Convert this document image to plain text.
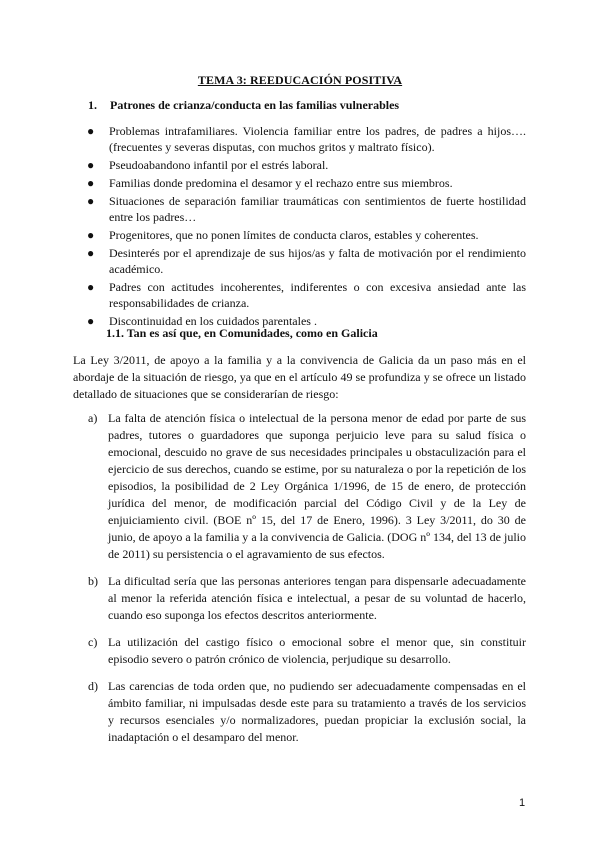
TEMA 3: REEDUCACIÓN POSITIVA
1. Patrones de crianza/conducta en las familias vulnerables
● Problemas intrafamiliares. Violencia familiar entre los padres, de padres a hijos…. (frecuentes y severas disputas, con muchos gritos y maltrato físico).
● Pseudoabandono infantil por el estrés laboral.
● Familias donde predomina el desamor y el rechazo entre sus miembros.
● Situaciones de separación familiar traumáticas con sentimientos de fuerte hostilidad entre los padres…
● Progenitores, que no ponen límites de conducta claros, estables y coherentes.
● Desinterés por el aprendizaje de sus hijos/as y falta de motivación por el rendimiento académico.
● Padres con actitudes incoherentes, indiferentes o con excesiva ansiedad ante las responsabilidades de crianza.
● Discontinuidad en los cuidados parentales .
1.1. Tan es así que, en Comunidades, como en Galicia

La Ley 3/2011, de apoyo a la familia y a la convivencia de Galicia da un paso más en el abordaje de la situación de riesgo, ya que en el artículo 49 se profundiza y se ofrece un listado detallado de situaciones que se considerarían de riesgo:

a) La falta de atención física o intelectual de la persona menor de edad por parte de sus padres, tutores o guardadores que suponga perjuicio leve para su salud física o emocional, descuido no grave de sus necesidades principales u obstaculización para el ejercicio de sus derechos, cuando se estime, por su naturaleza o por la repetición de los episodios, la posibilidad de 2 Ley Orgánica 1/1996, de 15 de enero, de protección jurídica del menor, de modificación parcial del Código Civil y de la Ley de enjuiciamiento civil. (BOE nº 15, del 17 de Enero, 1996). 3 Ley 3/2011, do 30 de junio, de apoyo a la familia y a la convivencia de Galicia. (DOG nº 134, del 13 de julio de 2011) su persistencia o el agravamiento de sus efectos.
b) La dificultad sería que las personas anteriores tengan para dispensarle adecuadamente al menor la referida atención física e intelectual, a pesar de su voluntad de hacerlo, cuando eso suponga los efectos descritos anteriormente.
c) La utilización del castigo físico o emocional sobre el menor que, sin constituir episodio severo o patrón crónico de violencia, perjudique su desarrollo.
d) Las carencias de toda orden que, no pudiendo ser adecuadamente compensadas en el ámbito familiar, ni impulsadas desde este para su tratamiento a través de los servicios y recursos esenciales y/o normalizadores, puedan propiciar la exclusión social, la inadaptación o el desamparo del menor.
1
